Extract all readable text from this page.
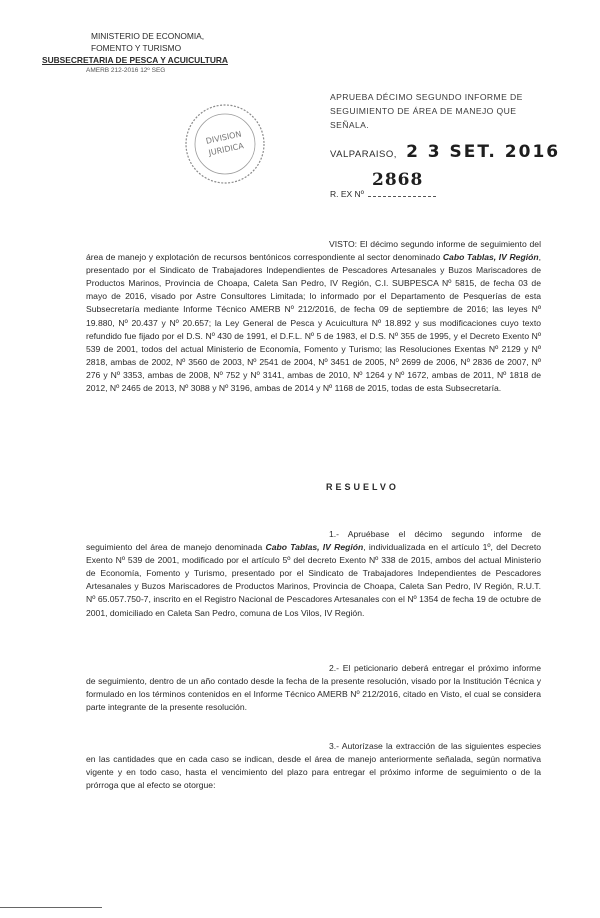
MINISTERIO DE ECONOMIA,
FOMENTO Y TURISMO
SUBSECRETARIA DE PESCA Y ACUICULTURA
AMERB 212-2016 12º SEG
APRUEBA DÉCIMO SEGUNDO INFORME DE
SEGUIMIENTO DE ÁREA DE MANEJO QUE SEÑALA.
DIVISION
JURIDICA	VALPARAISO, 2 3 SET. 2016
R. EX Nº
2868
VISTO: El décimo segundo informe de seguimiento del área de manejo y explotación de recursos bentónicos correspondiente al sector denominado Cabo Tablas, IV Región, presentado por el Sindicato de Trabajadores Independientes de Pescadores Artesanales y Buzos Mariscadores de Productos Marinos, Provincia de Choapa, Caleta San Pedro, IV Región, C.I. SUBPESCA Nº 5815, de fecha 03 de mayo de 2016, visado por Astre Consultores Limitada; lo informado por el Departamento de Pesquerías de esta Subsecretaría mediante Informe Técnico AMERB Nº 212/2016, de fecha 09 de septiembre de 2016; las leyes Nº 19.880, Nº 20.437 y Nº 20.657; la Ley General de Pesca y Acuicultura Nº 18.892 y sus modificaciones cuyo texto refundido fue fijado por el D.S. Nº 430 de 1991, el D.F.L. Nº 5 de 1983, el D.S. Nº 355 de 1995, y el Decreto Exento Nº 539 de 2001, todos del actual Ministerio de Economía, Fomento y Turismo; las Resoluciones Exentas Nº 2129 y Nº 2818, ambas de 2002, Nº 3560 de 2003, Nº 2541 de 2004, Nº 3451 de 2005, Nº 2699 de 2006, Nº 2836 de 2007, Nº 276 y Nº 3353, ambas de 2008, Nº 752 y Nº 3141, ambas de 2010, Nº 1264 y Nº 1672, ambas de 2011, Nº 1818 de 2012, Nº 2465 de 2013, Nº 3088 y Nº 3196, ambas de 2014 y Nº 1168 de 2015, todas de esta Subsecretaría.
RESUELVO
1.- Apruébase el décimo segundo informe de seguimiento del área de manejo denominada Cabo Tablas, IV Región, individualizada en el artículo 1º, del Decreto Exento Nº 539 de 2001, modificado por el artículo 5º del decreto Exento Nº 338 de 2015, ambos del actual Ministerio de Economía, Fomento y Turismo, presentado por el Sindicato de Trabajadores Independientes de Pescadores Artesanales y Buzos Mariscadores de Productos Marinos, Provincia de Choapa, Caleta San Pedro, IV Región, R.U.T. Nº 65.057.750-7, inscrito en el Registro Nacional de Pescadores Artesanales con el Nº 1354 de fecha 19 de octubre de 2001, domiciliado en Caleta San Pedro, comuna de Los Vilos, IV Región.
2.- El peticionario deberá entregar el próximo informe de seguimiento, dentro de un año contado desde la fecha de la presente resolución, visado por la Institución Técnica y formulado en los términos contenidos en el Informe Técnico AMERB Nº 212/2016, citado en Visto, el cual se considera parte integrante de la presente resolución.
3.- Autorízase la extracción de las siguientes especies en las cantidades que en cada caso se indican, desde el área de manejo anteriormente señalada, según normativa vigente y en todo caso, hasta el vencimiento del plazo para entregar el próximo informe de seguimiento o de la prórroga que al efecto se otorgue:
